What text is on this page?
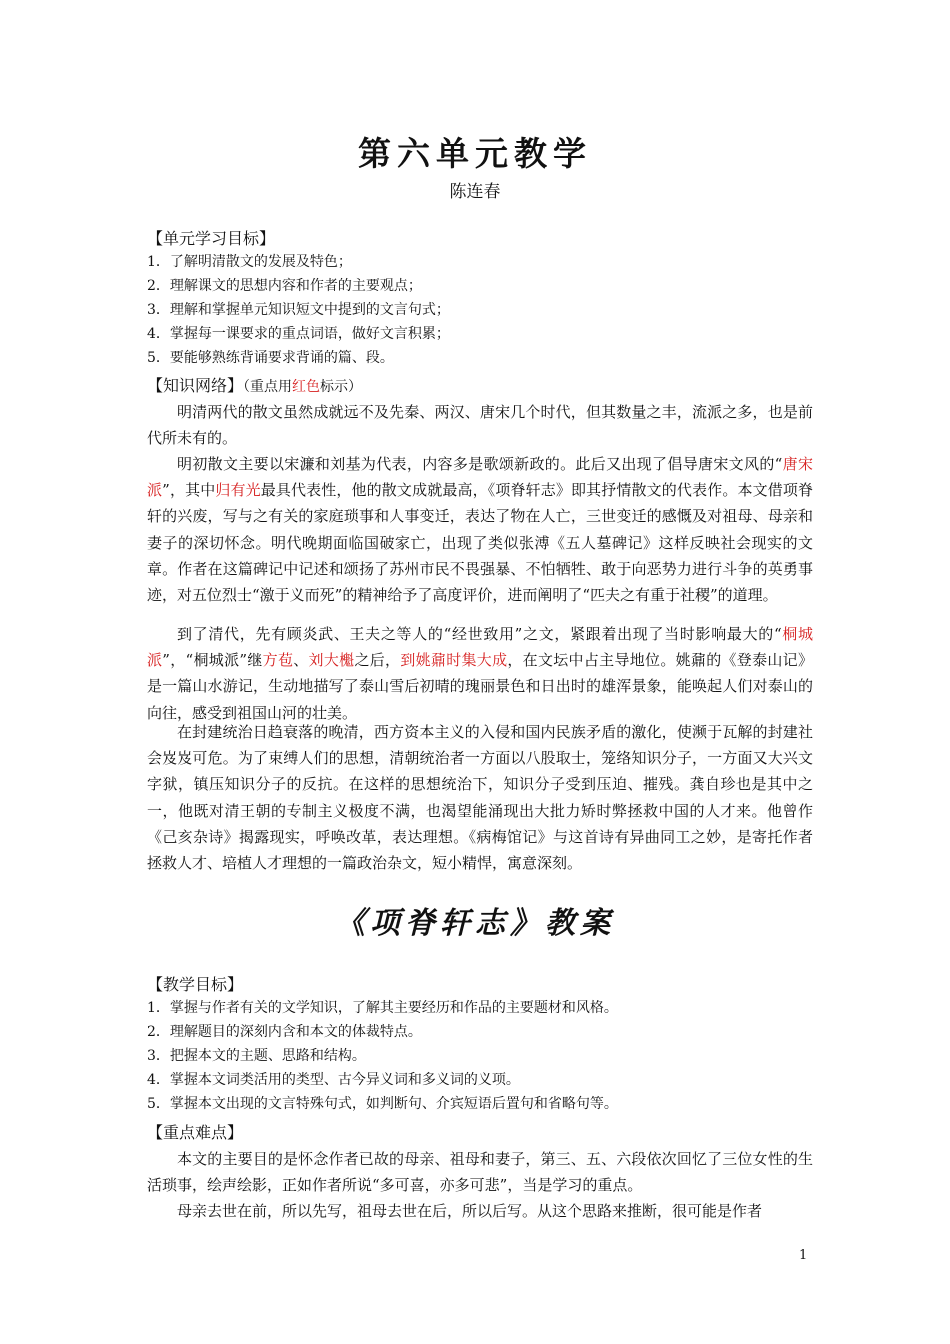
第六单元教学
陈连春
【单元学习目标】
1．了解明清散文的发展及特色；
2．理解课文的思想内容和作者的主要观点；
3．理解和掌握单元知识短文中提到的文言句式；
4．掌握每一课要求的重点词语，做好文言积累；
5．要能够熟练背诵要求背诵的篇、段。
【知识网络】（重点用红色标示）

明清两代的散文虽然成就远不及先秦、两汉、唐宋几个时代，但其数量之丰，流派之多，也是前代所未有的。

明初散文主要以宋濂和刘基为代表，内容多是歌颂新政的。此后又出现了倡导唐宋文风的“唐宋派”，其中归有光最具代表性，他的散文成就最高，《项脊轩志》即其抒情散文的代表作。本文借项脊轩的兴废，写与之有关的家庭琐事和人事变迁，表达了物在人亡，三世变迁的感慨及对祖母、母亲和妻子的深切怀念。明代晚期面临国破家亡，出现了类似张溥《五人墓碑记》这样反映社会现实的文章。作者在这篇碑记中记述和颂扬了苏州市民不畏强暴、不怕牺牲、敢于向恶势力进行斗争的英勇事迹，对五位烈士“激于义而死”的精神给予了高度评价，进而阐明了“匹夫之有重于社稷”的道理。

到了清代，先有顾炎武、王夫之等人的“经世致用”之文，紧跟着出现了当时影响最大的“桐城派”，“桐城派”继方苞、刘大櫆之后，到姚鼐时集大成，在文坛中占主导地位。姚鼐的《登泰山记》是一篇山水游记，生动地描写了泰山雪后初晴的瑰丽景色和日出时的雄浑景象，能唤起人们对泰山的向往，感受到祖国山河的壮美。

在封建统治日趋衰落的晚清，西方资本主义的入侵和国内民族矛盾的激化，使濒于瓦解的封建社会岌岌可危。为了束缚人们的思想，清朝统治者一方面以八股取士，笼络知识分子，一方面又大兴文字狱，镇压知识分子的反抗。在这样的思想统治下，知识分子受到压迫、摧残。龚自珍也是其中之一，他既对清王朝的专制主义极度不满，也渴望能涌现出大批力矫时弊拯救中国的人才来。他曾作《己亥杂诗》揭露现实，呼唤改革，表达理想。《病梅馆记》与这首诗有异曲同工之妙，是寄托作者拯救人才、培植人才理想的一篇政治杂文，短小精悍，寓意深刻。

《项脊轩志》教案
【教学目标】
1．掌握与作者有关的文学知识，了解其主要经历和作品的主要题材和风格。
2．理解题目的深刻内含和本文的体裁特点。
3．把握本文的主题、思路和结构。
4．掌握本文词类活用的类型、古今异义词和多义词的义项。
5．掌握本文出现的文言特殊句式，如判断句、介宾短语后置句和省略句等。
【重点难点】

本文的主要目的是怀念作者已故的母亲、祖母和妻子，第三、五、六段依次回忆了三位女性的生活琐事，绘声绘影，正如作者所说“多可喜，亦多可悲”，当是学习的重点。

母亲去世在前，所以先写，祖母去世在后，所以后写。从这个思路来推断，很可能是作者

1
